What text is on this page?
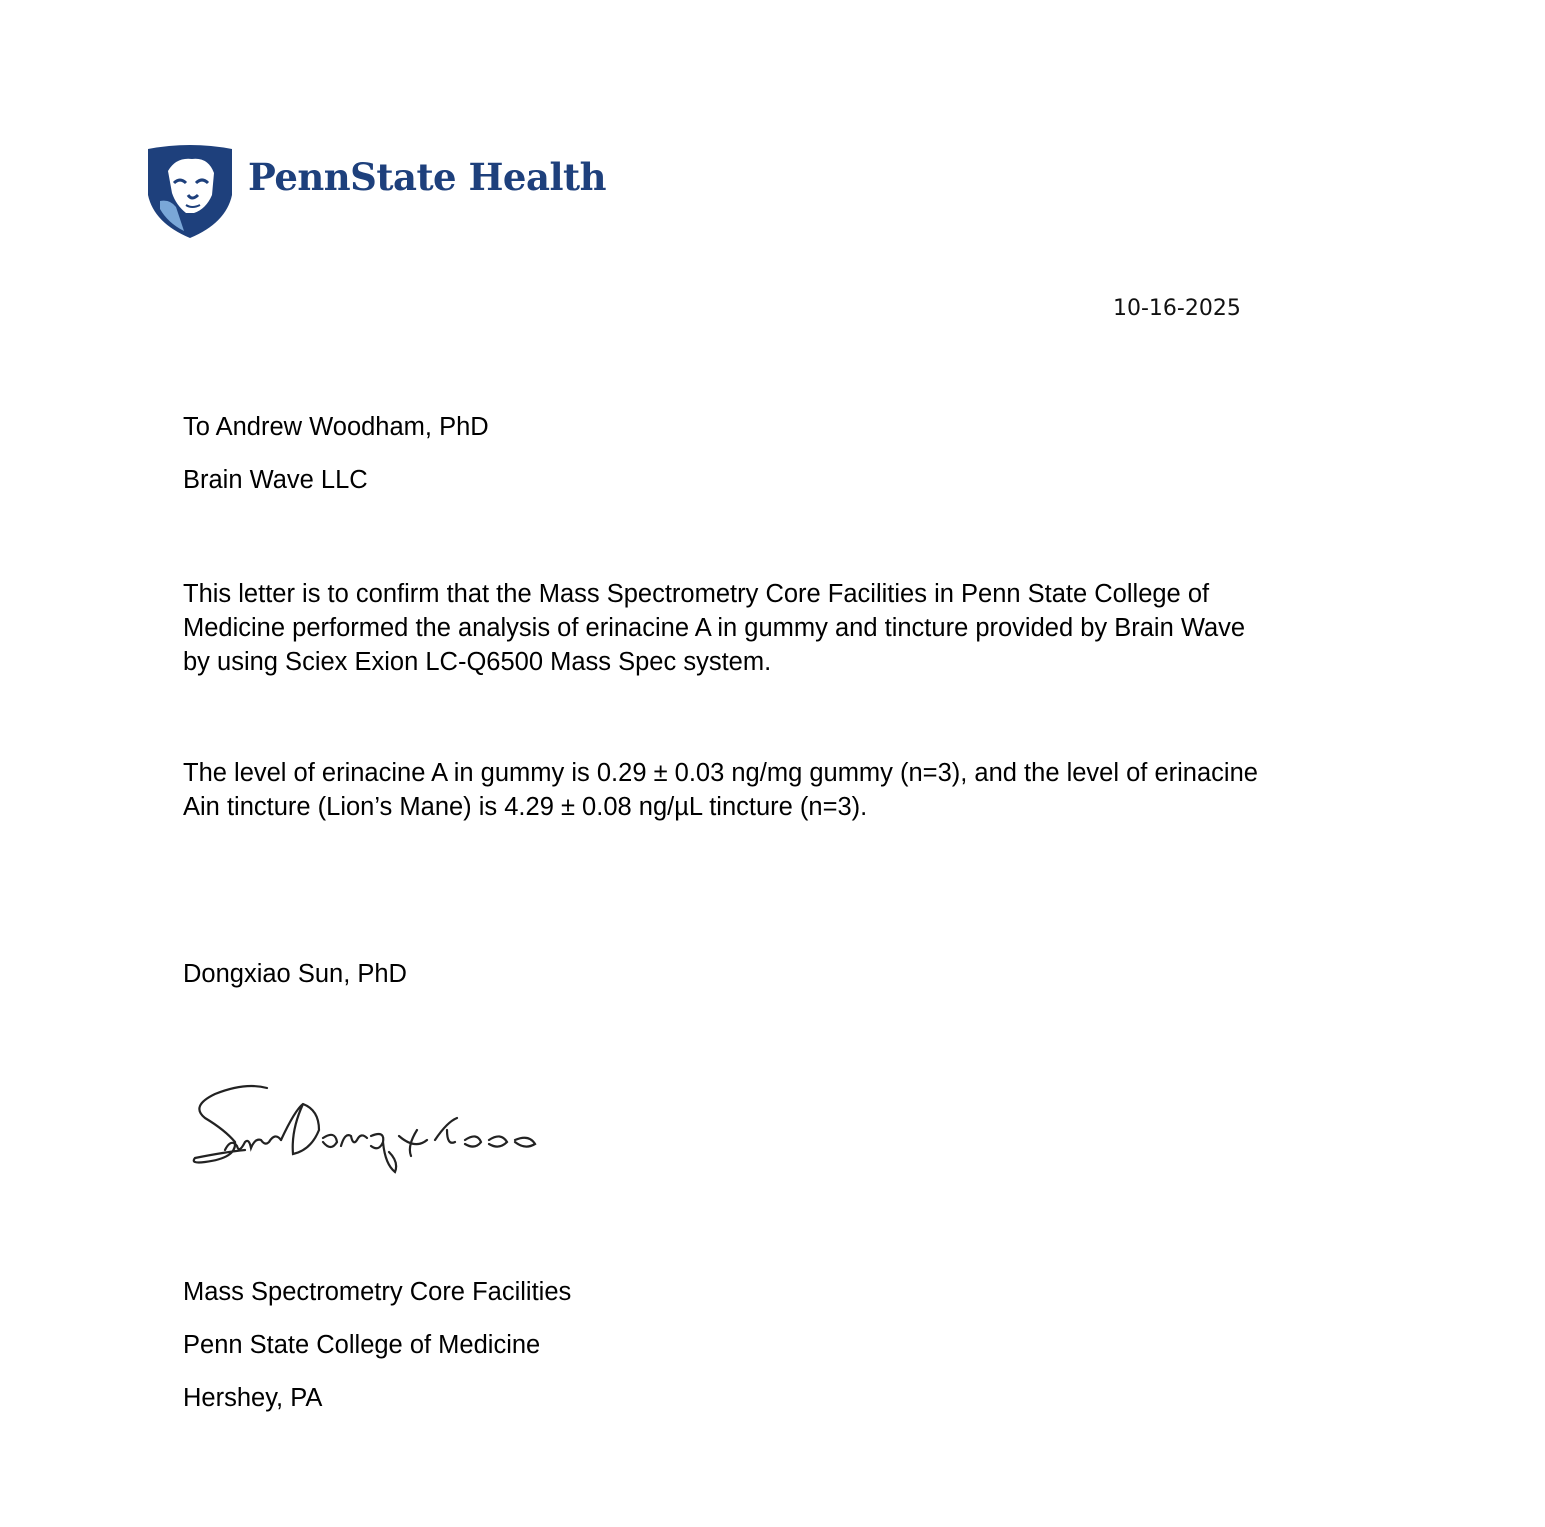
PennState Health
10-16-2025
To Andrew Woodham, PhD
Brain Wave LLC
This letter is to confirm that the Mass Spectrometry Core Facilities in Penn State College of
Medicine performed the analysis of erinacine A in gummy and tincture provided by Brain Wave
by using Sciex Exion LC-Q6500 Mass Spec system.
The level of erinacine A in gummy is 0.29 ± 0.03 ng/mg gummy (n=3), and the level of erinacine
Ain tincture (Lion’s Mane) is 4.29 ± 0.08 ng/µL tincture (n=3).
Dongxiao Sun, PhD
Mass Spectrometry Core Facilities
Penn State College of Medicine
Hershey, PA
